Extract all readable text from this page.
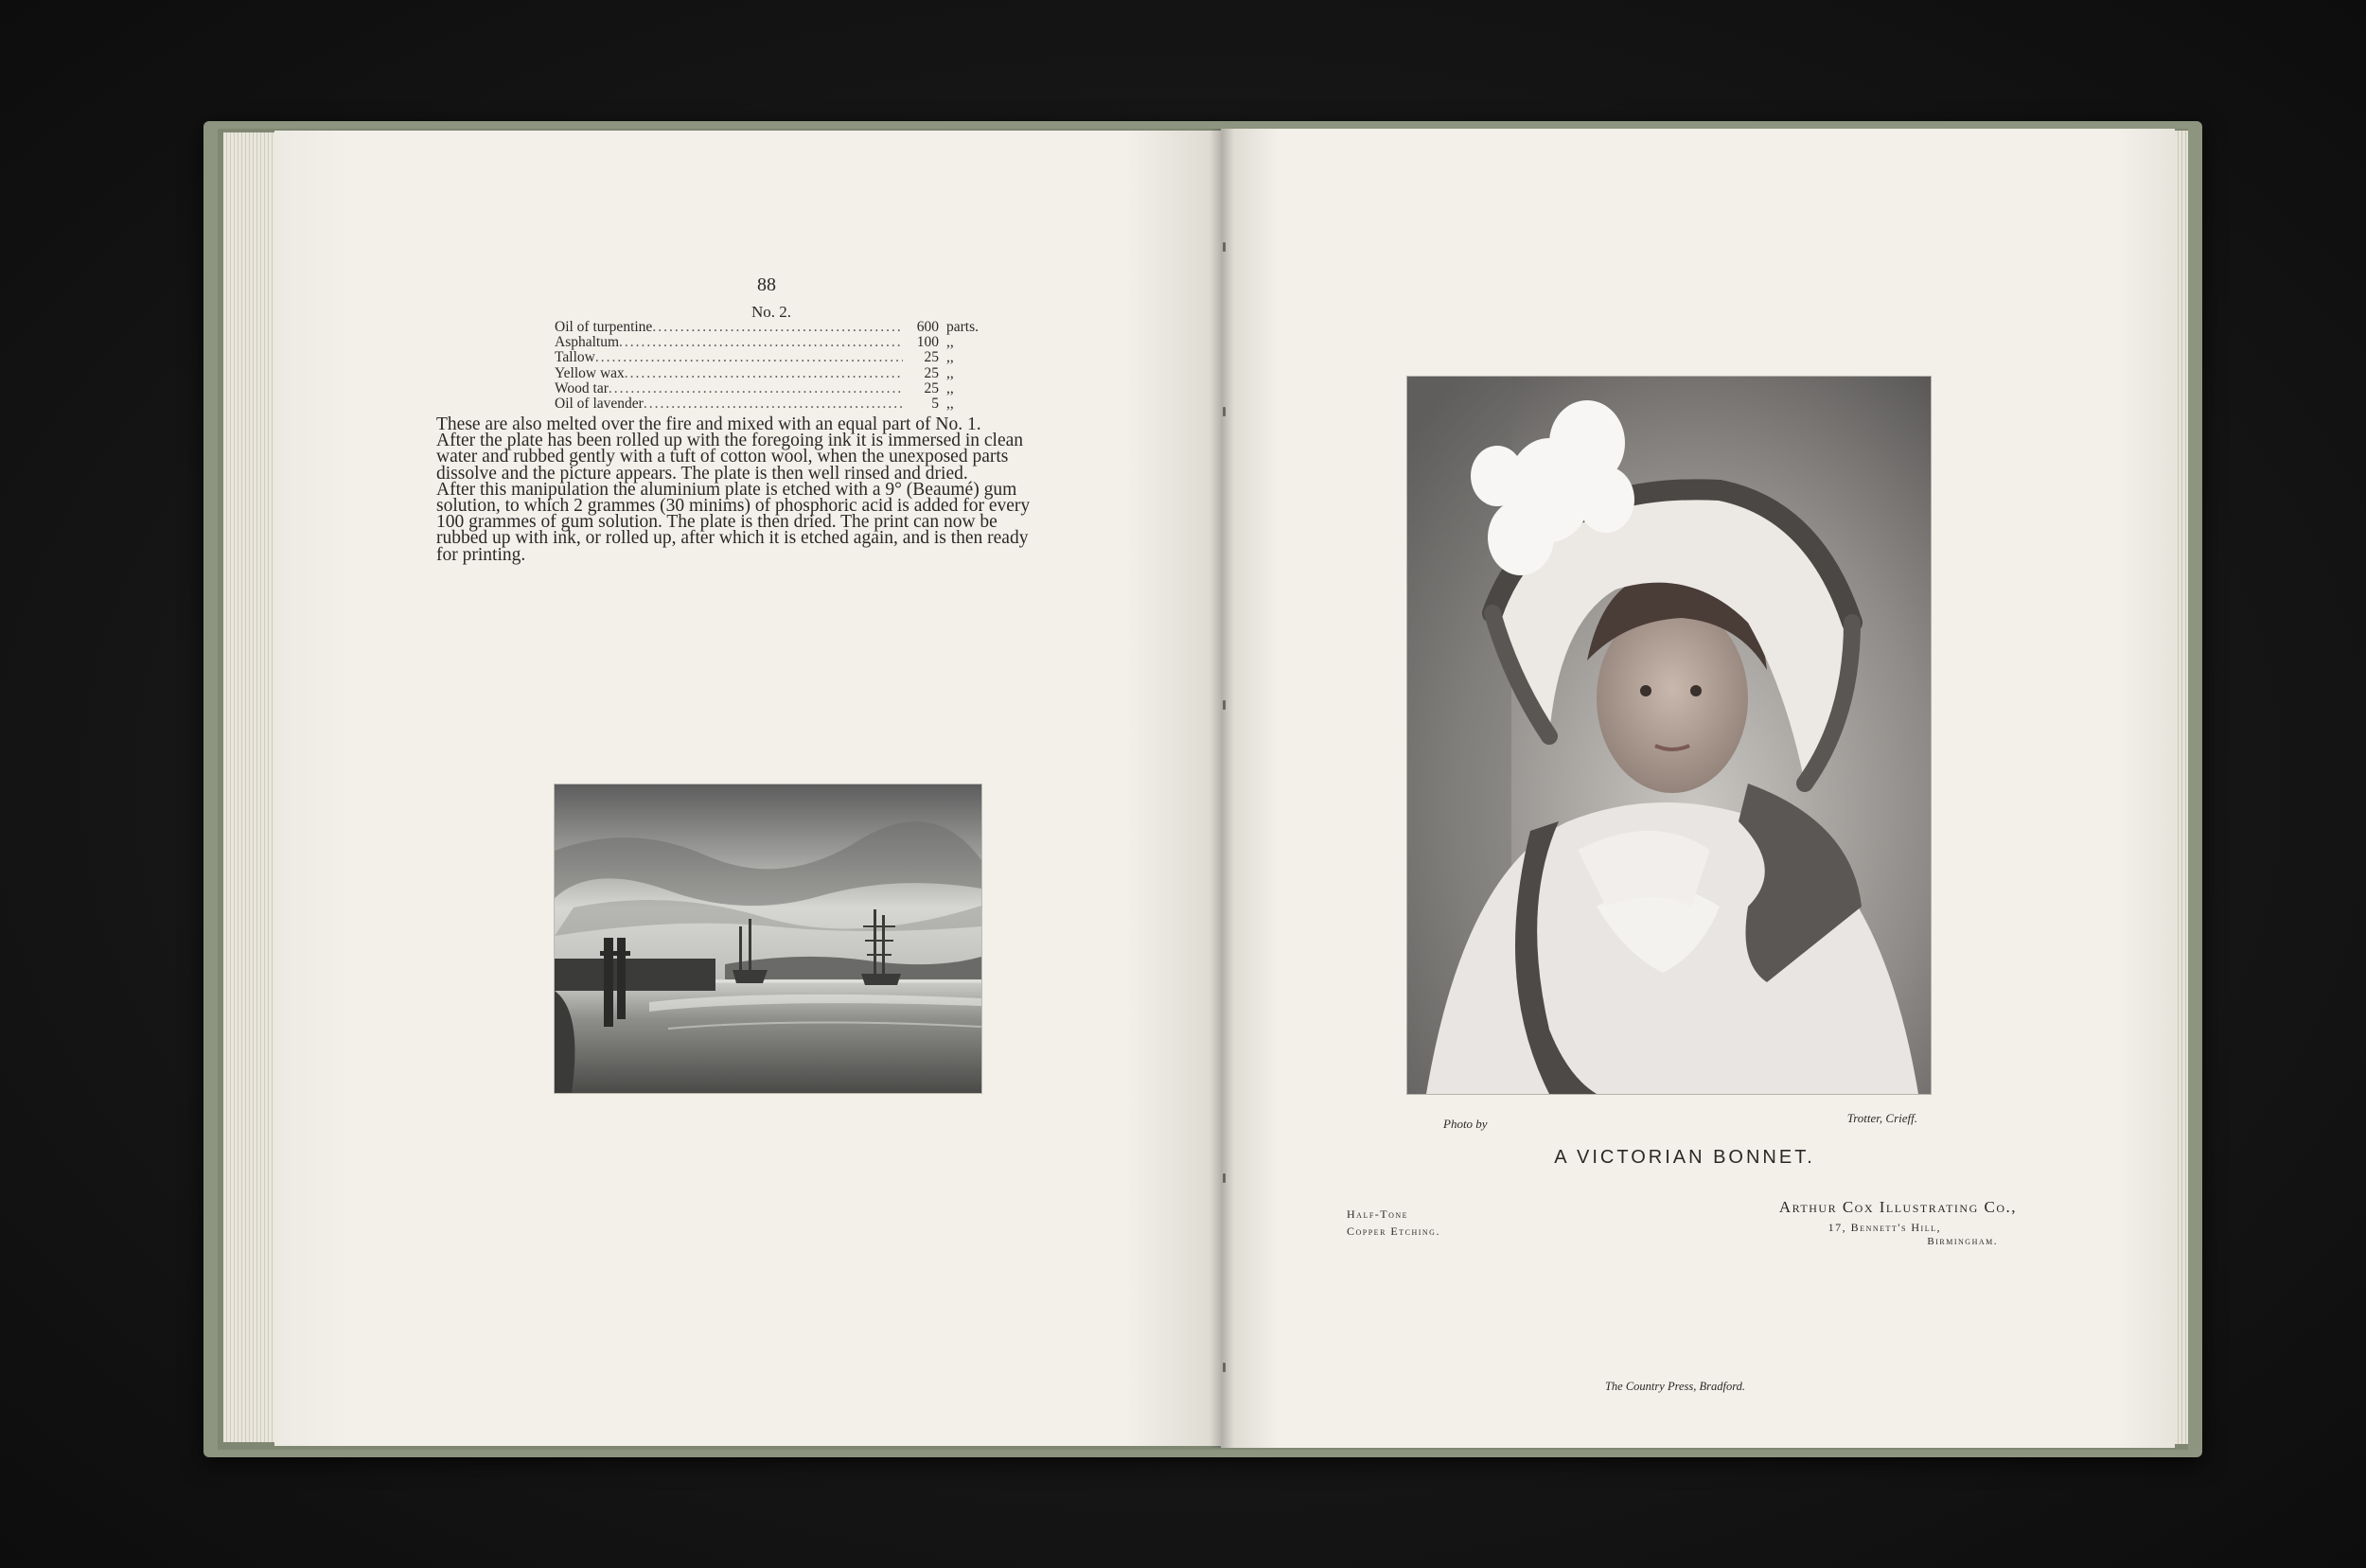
88
No. 2.
Oil of turpentine .....	600 parts.
Asphaltum .....	100 ,,
Tallow .....	25 ,,
Yellow wax .....	25 ,,
Wood tar .....	25 ,,
Oil of lavender .....	5 ,,

These are also melted over the fire and mixed with an equal part of No. 1.

After the plate has been rolled up with the foregoing ink it is immersed in clean

water and rubbed gently with a tuft of cotton wool, when the unexposed parts

dissolve and the picture appears. The plate is then well rinsed and dried.

After this manipulation the aluminium plate is etched with a 9° (Beaumé) gum

solution, to which 2 grammes (30 minims) of phosphoric acid is added for every

100 grammes of gum solution. The plate is then dried. The print can now be

rubbed up with ink, or rolled up, after which it is etched again, and is then ready

for printing.

Photo by	Trotter, Crieff.
A VICTORIAN BONNET.
Half-Tone
Copper Etching.
Arthur Cox Illustrating Co.,
17, Bennett's Hill,
Birmingham.
The Country Press, Bradford.
